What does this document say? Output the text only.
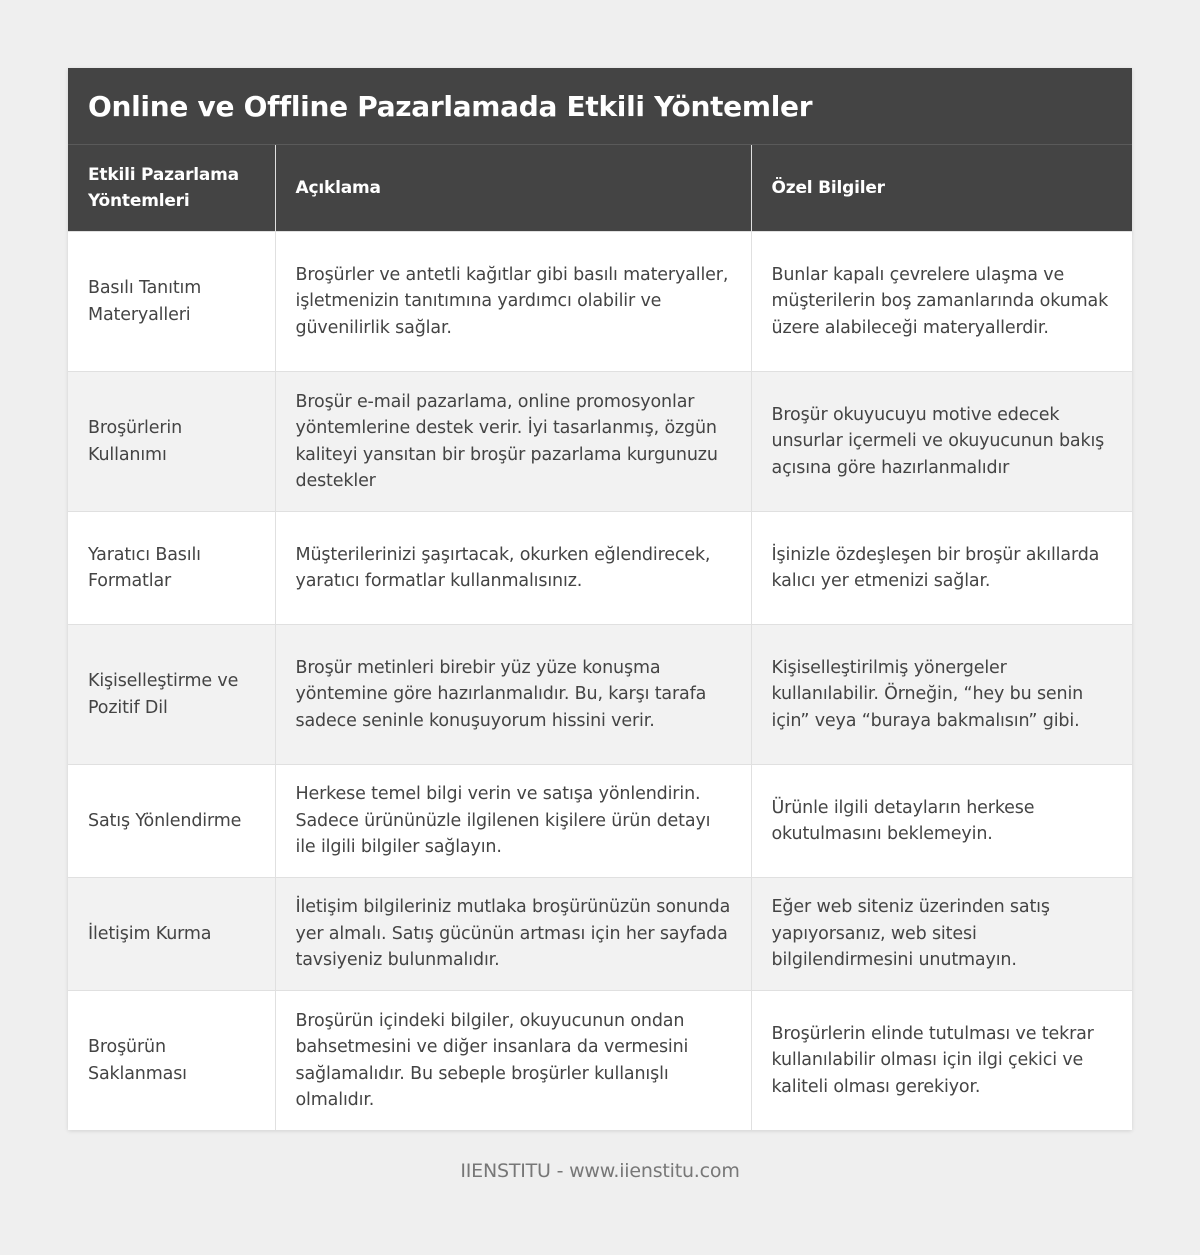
Online ve Offline Pazarlamada Etkili Yöntemler
Etkili Pazarlama Yöntemleri	Açıklama	Özel Bilgiler
Basılı Tanıtım Materyalleri	Broşürler ve antetli kağıtlar gibi basılı materyaller, işletmenizin tanıtımına yardımcı olabilir ve güvenilirlik sağlar.	Bunlar kapalı çevrelere ulaşma ve müşterilerin boş zamanlarında okumak üzere alabileceği materyallerdir.
Broşürlerin Kullanımı	Broşür e-mail pazarlama, online promosyonlar yöntemlerine destek verir. İyi tasarlanmış, özgün kaliteyi yansıtan bir broşür pazarlama kurgunuzu destekler	Broşür okuyucuyu motive edecek unsurlar içermeli ve okuyucunun bakış açısına göre hazırlanmalıdır
Yaratıcı Basılı Formatlar	Müşterilerinizi şaşırtacak, okurken eğlendirecek, yaratıcı formatlar kullanmalısınız.	İşinizle özdeşleşen bir broşür akıllarda kalıcı yer etmenizi sağlar.
Kişiselleştirme ve Pozitif Dil	Broşür metinleri birebir yüz yüze konuşma yöntemine göre hazırlanmalıdır. Bu, karşı tarafa sadece seninle konuşuyorum hissini verir.	Kişiselleştirilmiş yönergeler kullanılabilir. Örneğin, “hey bu senin için” veya “buraya bakmalısın” gibi.
Satış Yönlendirme	Herkese temel bilgi verin ve satışa yönlendirin. Sadece ürününüzle ilgilenen kişilere ürün detayı ile ilgili bilgiler sağlayın.	Ürünle ilgili detayların herkese okutulmasını beklemeyin.
İletişim Kurma	İletişim bilgileriniz mutlaka broşürünüzün sonunda yer almalı. Satış gücünün artması için her sayfada tavsiyeniz bulunmalıdır.	Eğer web siteniz üzerinden satış yapıyorsanız, web sitesi bilgilendirmesini unutmayın.
Broşürün Saklanması	Broşürün içindeki bilgiler, okuyucunun ondan bahsetmesini ve diğer insanlara da vermesini sağlamalıdır. Bu sebeple broşürler kullanışlı olmalıdır.	Broşürlerin elinde tutulması ve tekrar kullanılabilir olması için ilgi çekici ve kaliteli olması gerekiyor.
IIENSTITU - www.iienstitu.com
